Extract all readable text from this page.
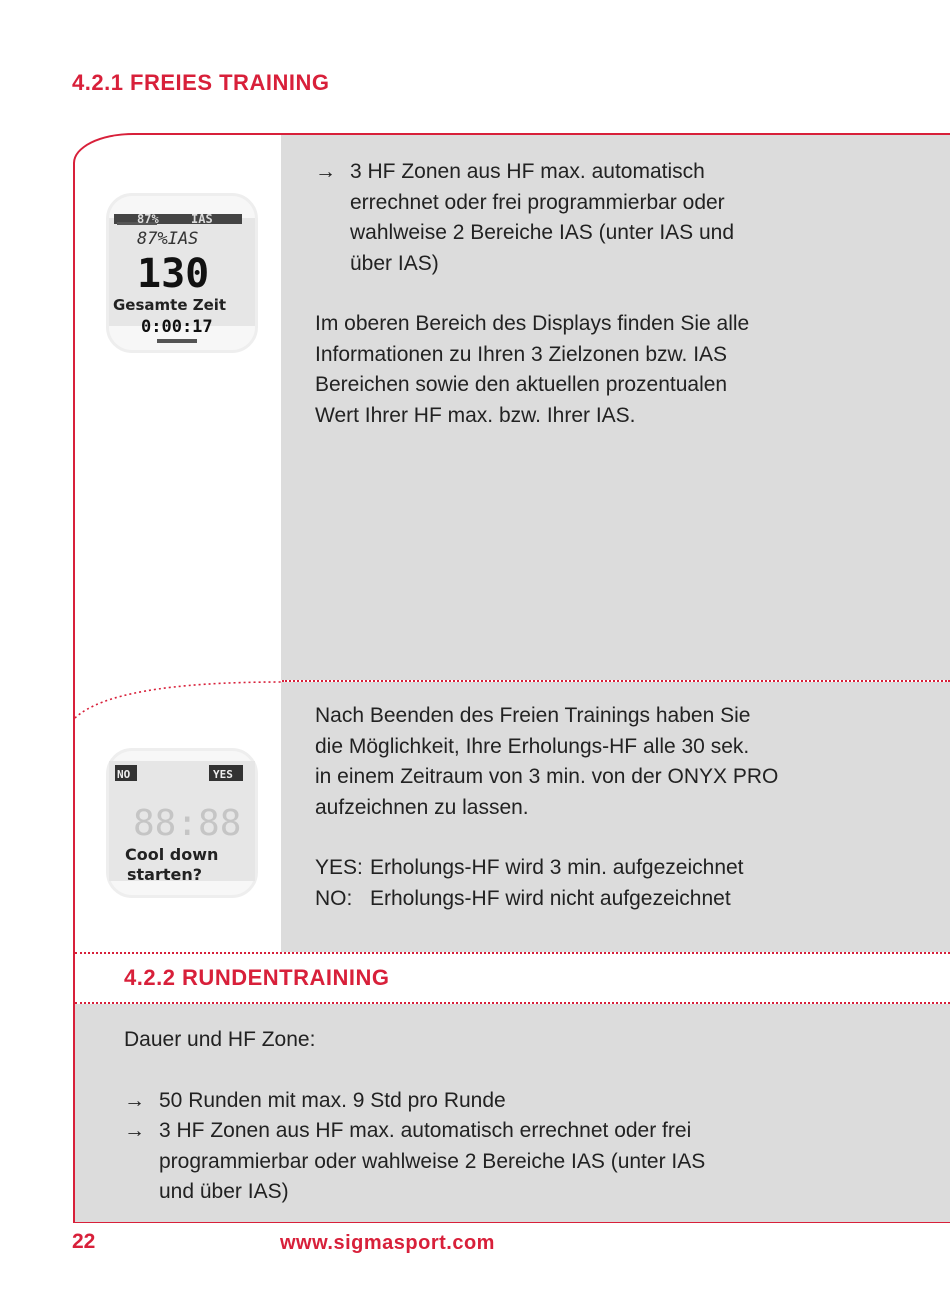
4.2.1 FREIES TRAINING
87%	IAS
87%IAS
130
Gesamte Zeit
0:00:17
NO	YES
88:88
Cool down
starten?
→ 3 HF Zonen aus HF max. automatisch
errechnet oder frei programmierbar oder
wahlweise 2 Bereiche IAS (unter IAS und
über IAS)
Im oberen Bereich des Displays finden Sie alle
Informationen zu Ihren 3 Zielzonen bzw. IAS
Bereichen sowie den aktuellen prozentualen
Wert Ihrer HF max. bzw. Ihrer IAS.
Nach Beenden des Freien Trainings haben Sie
die Möglichkeit, Ihre Erholungs-HF alle 30 sek.
in einem Zeitraum von 3 min. von der ONYX PRO
aufzeichnen zu lassen.
YES: Erholungs-HF wird 3 min. aufgezeichnet
NO: Erholungs-HF wird nicht aufgezeichnet
4.2.2 RUNDENTRAINING
Dauer und HF Zone:
→ 50 Runden mit max. 9 Std pro Runde
→ 3 HF Zonen aus HF max. automatisch errechnet oder frei
programmierbar oder wahlweise 2 Bereiche IAS (unter IAS
und über IAS)
22	www.sigmasport.com
